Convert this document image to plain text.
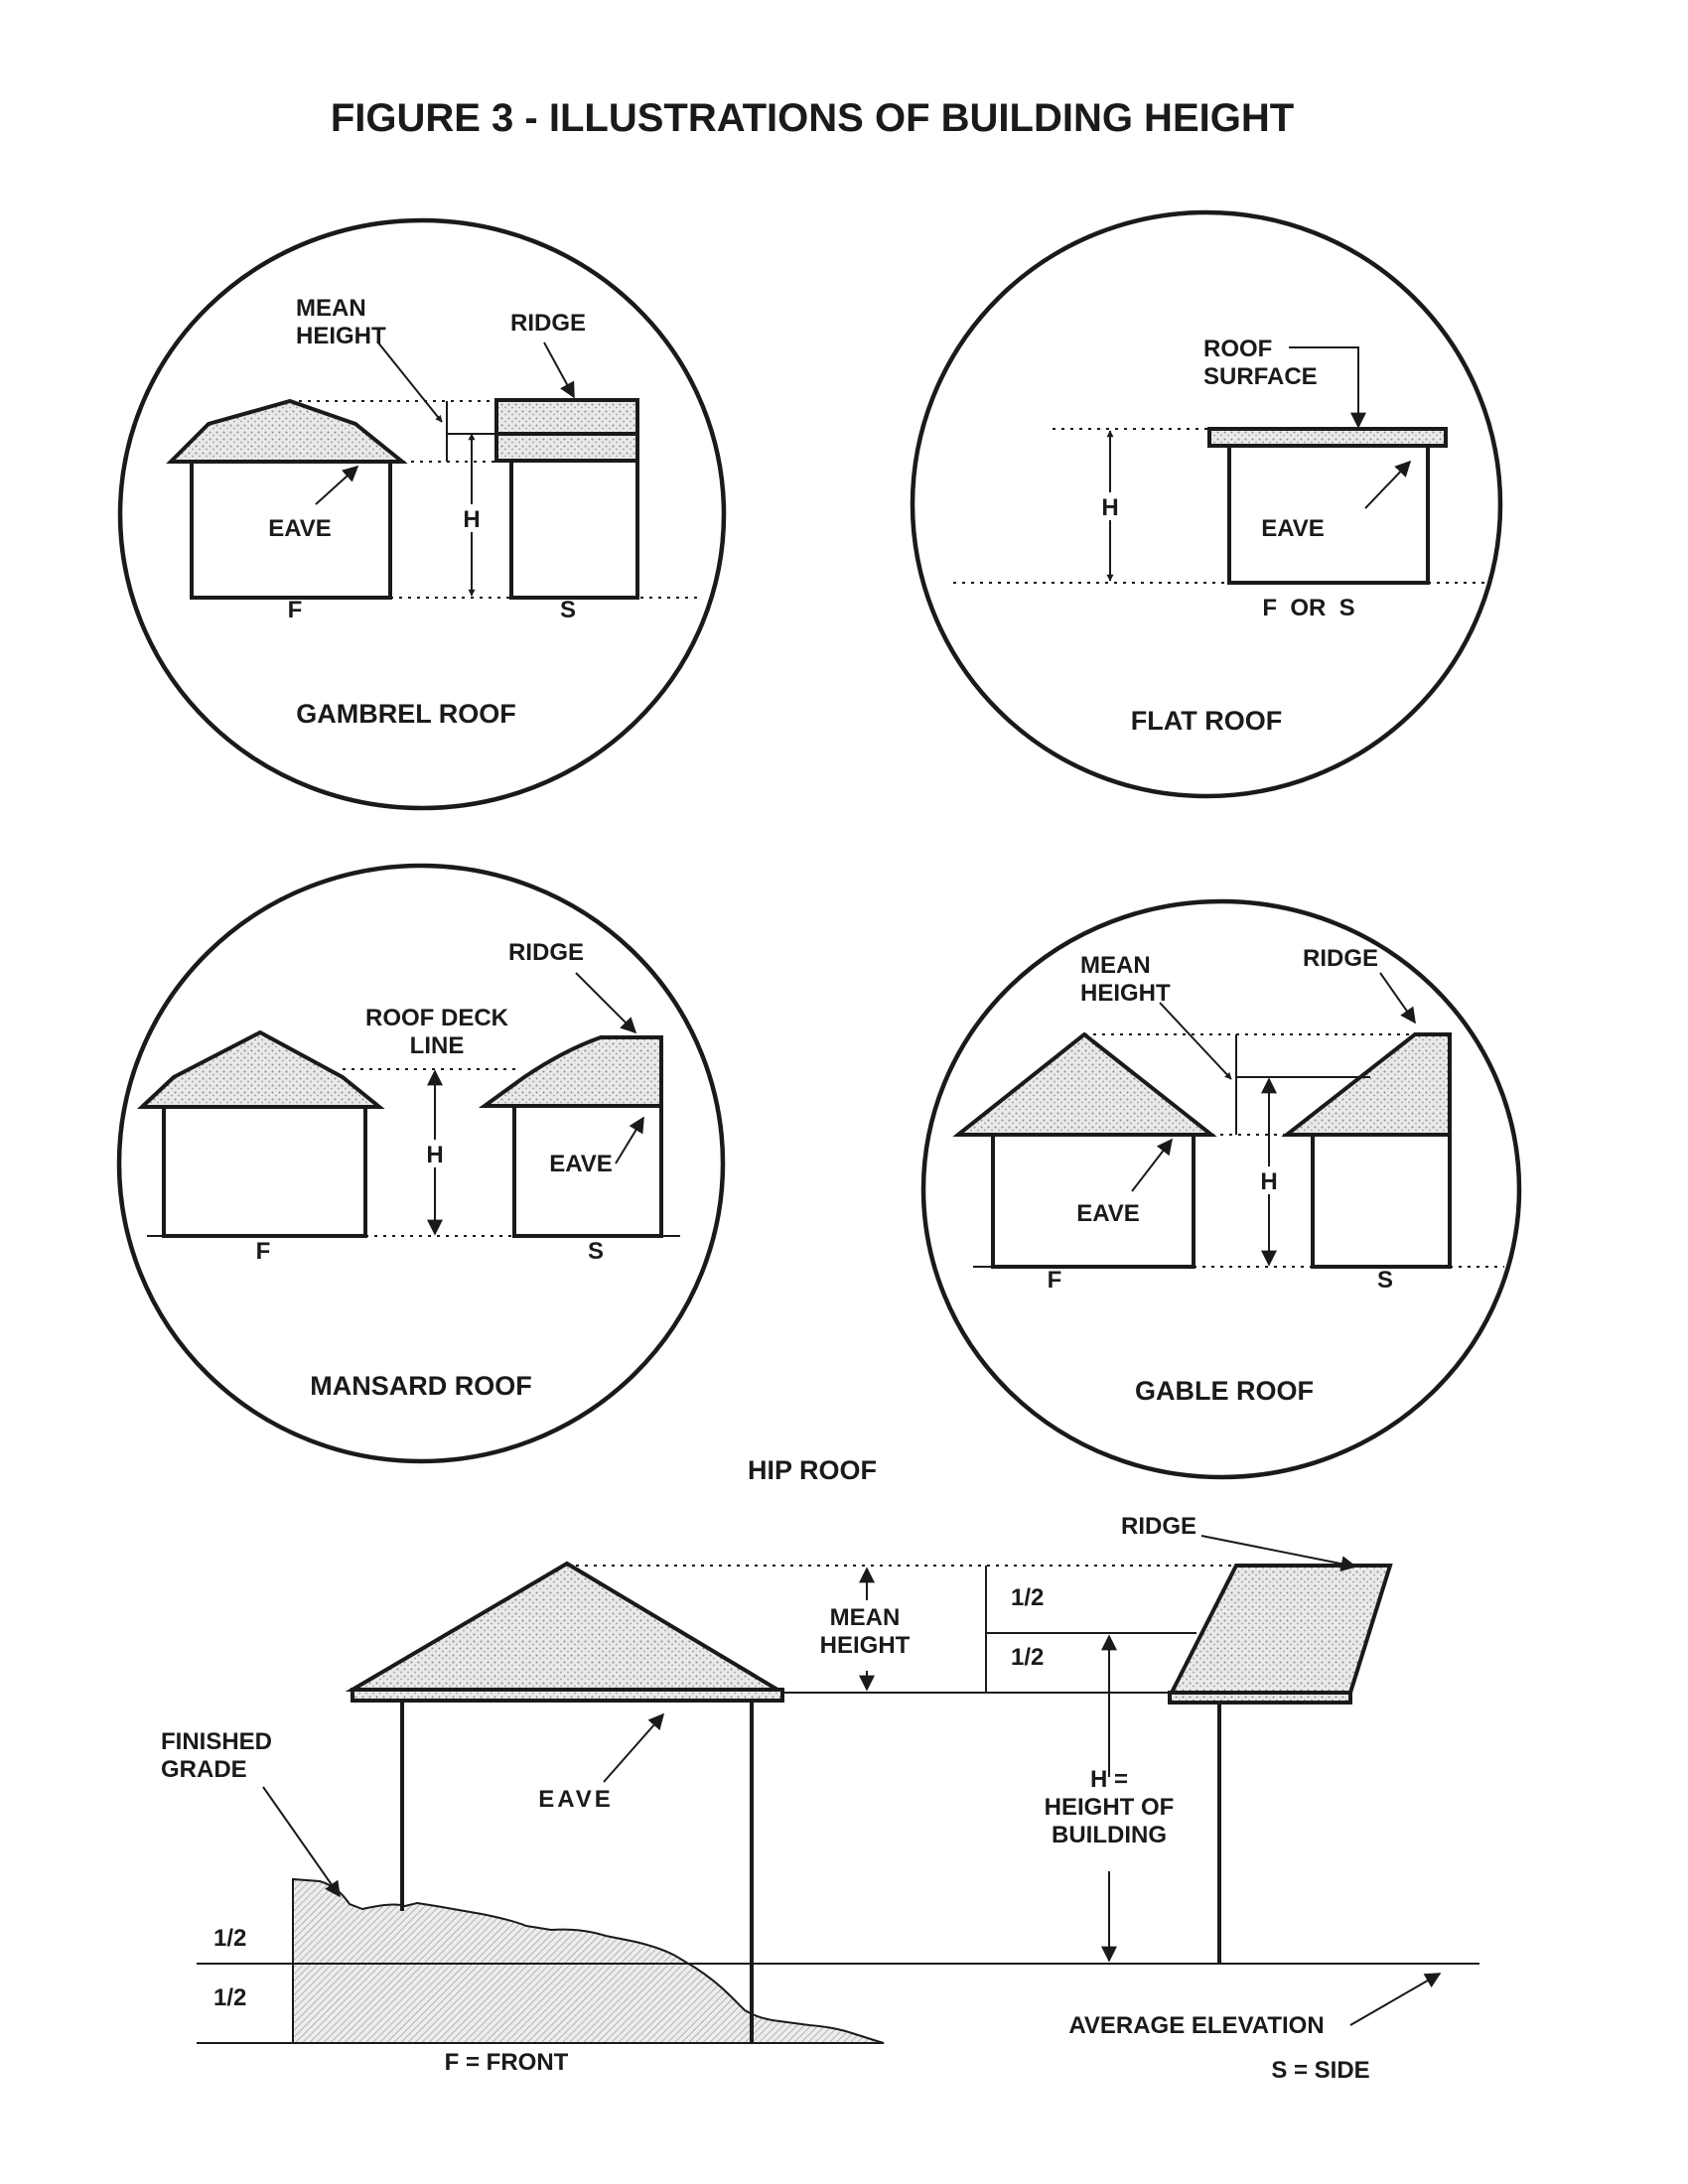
FIGURE 3 - ILLUSTRATIONS OF BUILDING HEIGHT
MEAN
HEIGHT	RIDGE
EAVE	H
F	S
GAMBREL ROOF
ROOF
SURFACE
EAVE
H
F  OR  S
FLAT ROOF
RIDGE
ROOF DECK
LINE
EAVE
H
F	S
MANSARD ROOF
MEAN
HEIGHT
RIDGE
EAVE
H
F	S
GABLE ROOF
HIP ROOF
RIDGE
1/2
1/2
MEAN
HEIGHT
FINISHED
GRADE
EAVE
H =
HEIGHT OF
BUILDING
1/2
1/2
AVERAGE ELEVATION
F = FRONT	S = SIDE
